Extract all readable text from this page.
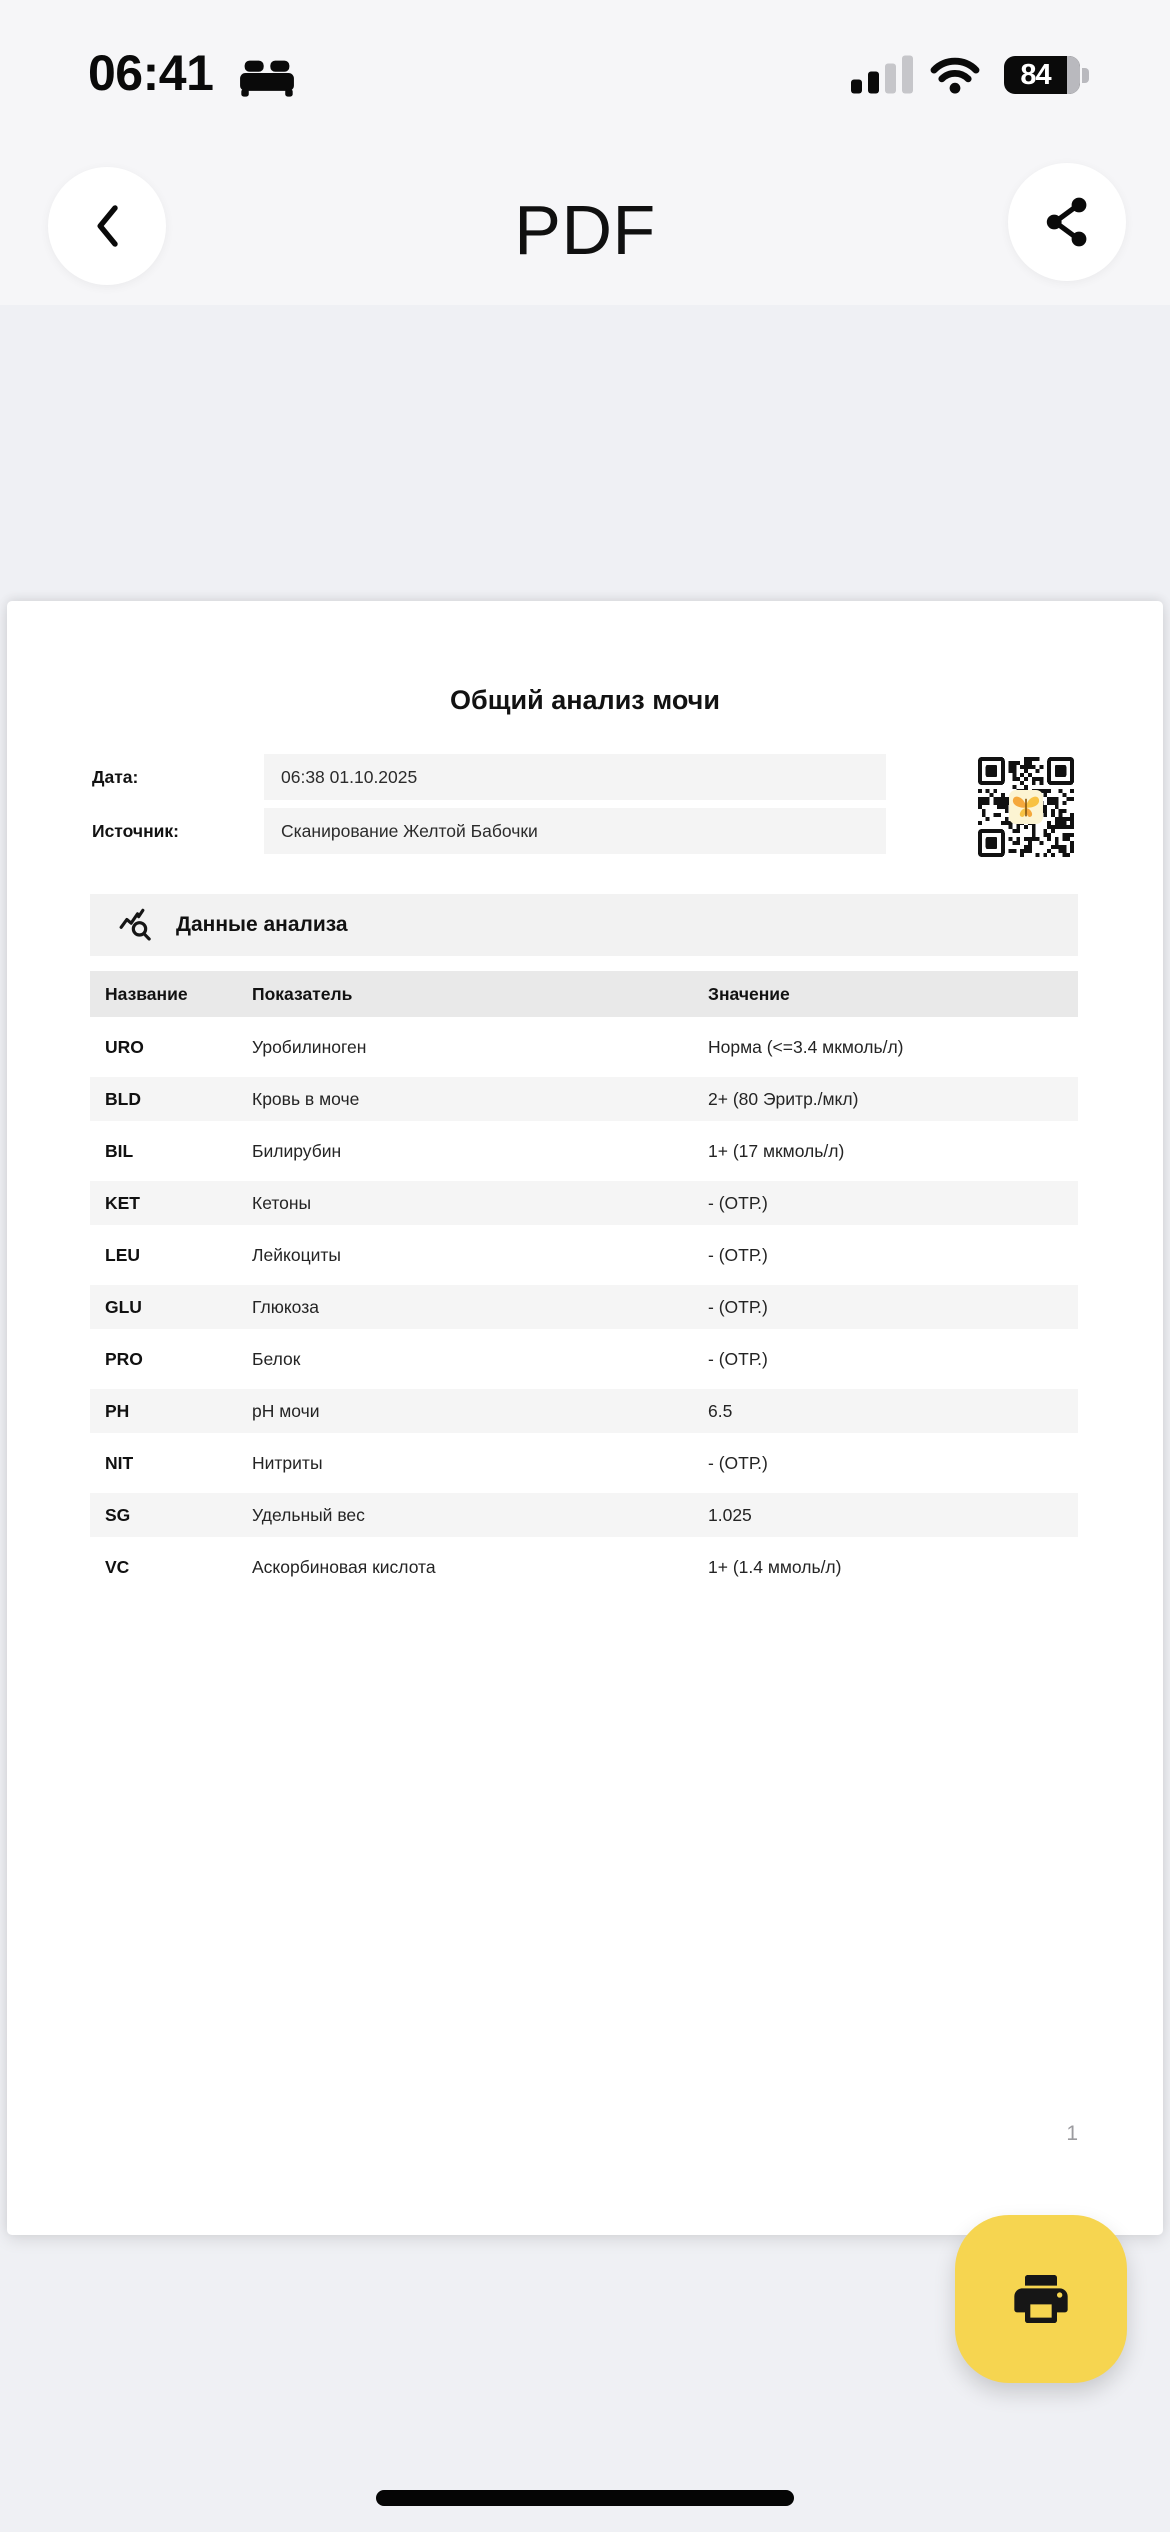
06:41	84
PDF
Общий анализ мочи
Дата:	06:38 01.10.2025
Источник:	Сканирование Желтой Бабочки
Данные анализа
Название	Показатель	Значение
URO	Уробилиноген	Норма (<=3.4 мкмоль/л)
BLD	Кровь в моче	2+ (80 Эритр./мкл)
BIL	Билирубин	1+ (17 мкмоль/л)
KET	Кетоны	- (ОТР.)
LEU	Лейкоциты	- (ОТР.)
GLU	Глюкоза	- (ОТР.)
PRO	Белок	- (ОТР.)
PH	pH мочи	6.5
NIT	Нитриты	- (ОТР.)
SG	Удельный вес	1.025
VC	Аскорбиновая кислота	1+ (1.4 ммоль/л)
1
